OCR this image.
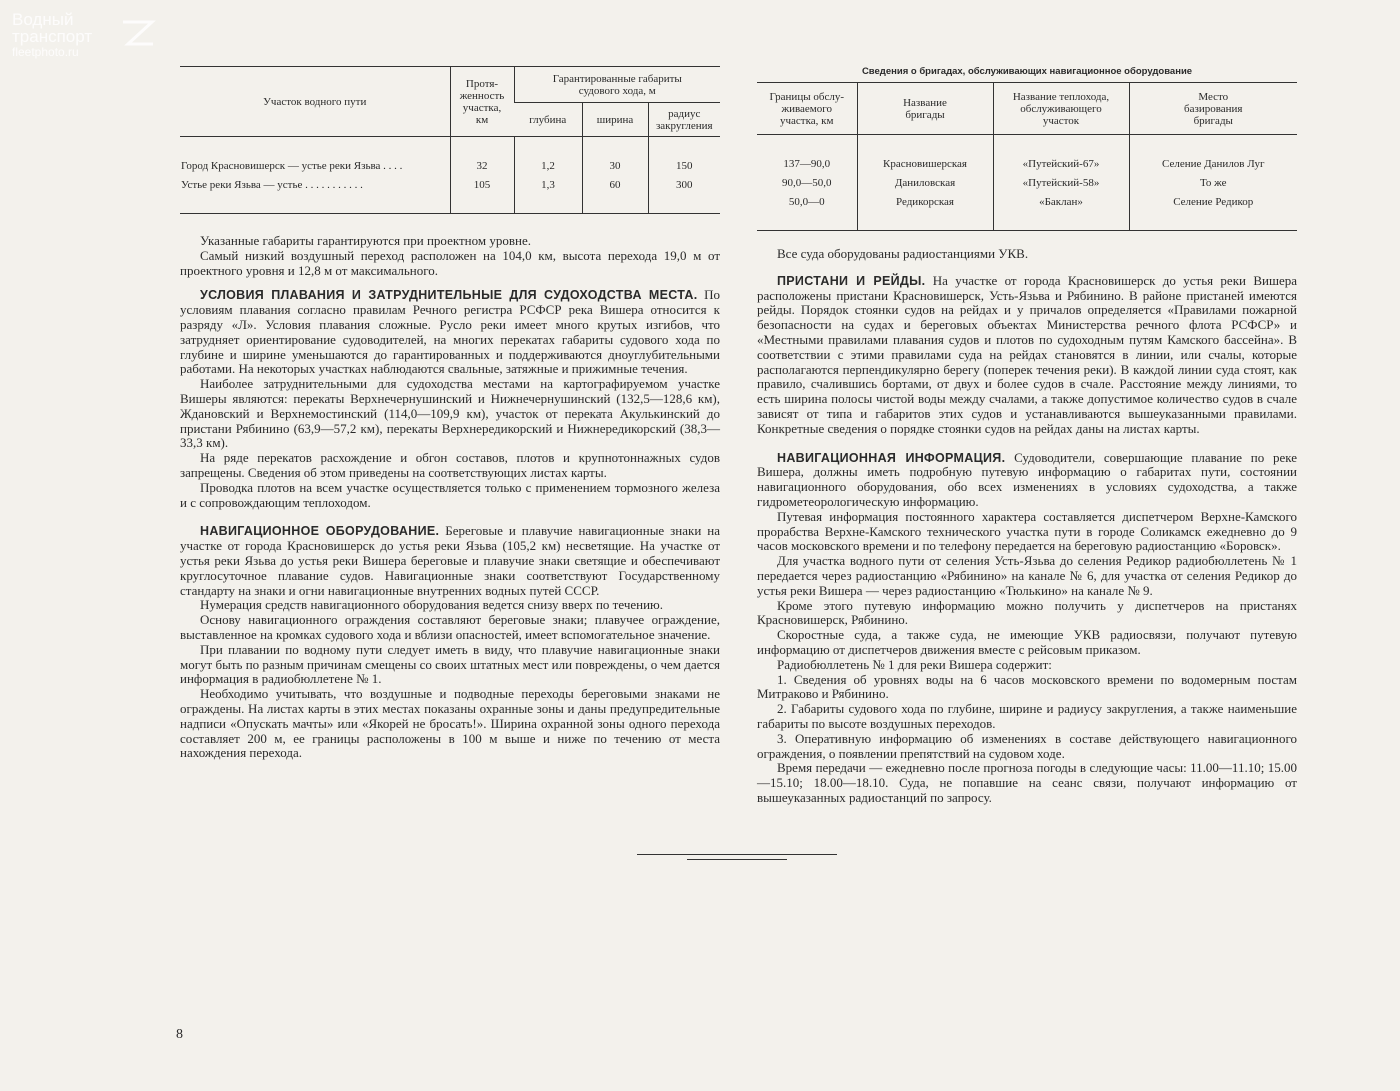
Водный
транспорт
fleetphoto.ru
Участок водного пути	Протя-женность участка, км	Гарантированные габариты судового хода, м		
		глубина	ширина	радиус закругления

Город Красновишерск — устье реки Язьва . . . .	32	1,2	30	150
Устье реки Язьва — устье . . . . . . . . . . .	105	1,3	60	300

Указанные габариты гарантируются при проектном уровне.

Самый низкий воздушный переход расположен на 104,0 км, высота перехода 19,0 м от проектного уровня и 12,8 м от максимального.

УСЛОВИЯ ПЛАВАНИЯ И ЗАТРУДНИТЕЛЬНЫЕ ДЛЯ СУДОХОДСТВА МЕСТА. По условиям плавания согласно правилам Речного регистра РСФСР река Вишера относится к разряду «Л». Условия плавания сложные. Русло реки имеет много крутых изгибов, что затрудняет ориентирование судоводителей, на многих перекатах габариты судового хода по глубине и ширине уменьшаются до гарантированных и поддерживаются дноуглубительными работами. На некоторых участках наблюдаются свальные, затяжные и прижимные течения.

Наиболее затруднительными для судоходства местами на картографируемом участке Вишеры являются: перекаты Верхнечернушинский и Нижнечернушинский (132,5—128,6 км), Ждановский и Верхнемостинский (114,0—109,9 км), участок от переката Акулькинский до пристани Рябинино (63,9—57,2 км), перекаты Верхнередикорский и Нижнередикорский (38,3—33,3 км).

На ряде перекатов расхождение и обгон составов, плотов и крупнотоннажных судов запрещены. Сведения об этом приведены на соответствующих листах карты.

Проводка плотов на всем участке осуществляется только с применением тормозного железа и с сопровождающим теплоходом.

НАВИГАЦИОННОЕ ОБОРУДОВАНИЕ. Береговые и плавучие навигационные знаки на участке от города Красновишерск до устья реки Язьва (105,2 км) несветящие. На участке от устья реки Язьва до устья реки Вишера береговые и плавучие знаки светящие и обеспечивают круглосуточное плавание судов. Навигационные знаки соответствуют Государственному стандарту на знаки и огни навигационные внутренних водных путей СССР.

Нумерация средств навигационного оборудования ведется снизу вверх по течению.

Основу навигационного ограждения составляют береговые знаки; плавучее ограждение, выставленное на кромках судового хода и вблизи опасностей, имеет вспомогательное значение.

При плавании по водному пути следует иметь в виду, что плавучие навигационные знаки могут быть по разным причинам смещены со своих штатных мест или повреждены, о чем дается информация в радиобюллетене № 1.

Необходимо учитывать, что воздушные и подводные переходы береговыми знаками не ограждены. На листах карты в этих местах показаны охранные зоны и даны предупредительные надписи «Опускать мачты» или «Якорей не бросать!». Ширина охранной зоны одного перехода составляет 200 м, ее границы расположены в 100 м выше и ниже по течению от места нахождения перехода.

Сведения о бригадах, обслуживающих навигационное оборудование
Границы обслу-живаемого участка, км	Название бригады	Название теплохода, обслуживающего участок	Место базирования бригады

137—90,0	Красновишерская	«Путейский-67»	Селение Данилов Луг
90,0—50,0	Даниловская	«Путейский-58»	То же
50,0—0	Редикорская	«Баклан»	Селение Редикор

Все суда оборудованы радиостанциями УКВ.

ПРИСТАНИ И РЕЙДЫ. На участке от города Красновишерск до устья реки Вишера расположены пристани Красновишерск, Усть-Язьва и Рябинино. В районе пристаней имеются рейды. Порядок стоянки судов на рейдах и у причалов определяется «Правилами пожарной безопасности на судах и береговых объектах Министерства речного флота РСФСР» и «Местными правилами плавания судов и плотов по судоходным путям Камского бассейна». В соответствии с этими правилами суда на рейдах становятся в линии, или счалы, которые располагаются перпендикулярно берегу (поперек течения реки). В каждой линии суда стоят, как правило, счалившись бортами, от двух и более судов в счале. Расстояние между линиями, то есть ширина полосы чистой воды между счалами, а также допустимое количество судов в счале зависят от типа и габаритов этих судов и устанавливаются вышеуказанными правилами. Конкретные сведения о порядке стоянки судов на рейдах даны на листах карты.

НАВИГАЦИОННАЯ ИНФОРМАЦИЯ. Судоводители, совершающие плавание по реке Вишера, должны иметь подробную путевую информацию о габаритах пути, состоянии навигационного оборудования, обо всех изменениях в условиях судоходства, а также гидрометеорологическую информацию.

Путевая информация постоянного характера составляется диспетчером Верхне-Камского прорабства Верхне-Камского технического участка пути в городе Соликамск ежедневно до 9 часов московского времени и по телефону передается на береговую радиостанцию «Боровск».

Для участка водного пути от селения Усть-Язьва до селения Редикор радиобюллетень № 1 передается через радиостанцию «Рябинино» на канале № 6, для участка от селения Редикор до устья реки Вишера — через радиостанцию «Тюлькино» на канале № 9.

Кроме этого путевую информацию можно получить у диспетчеров на пристанях Красновишерск, Рябинино.

Скоростные суда, а также суда, не имеющие УКВ радиосвязи, получают путевую информацию от диспетчеров движения вместе с рейсовым приказом.

Радиобюллетень № 1 для реки Вишера содержит:

1. Сведения об уровнях воды на 6 часов московского времени по водомерным постам Митраково и Рябинино.

2. Габариты судового хода по глубине, ширине и радиусу закругления, а также наименьшие габариты по высоте воздушных переходов.

3. Оперативную информацию об изменениях в составе действующего навигационного ограждения, о появлении препятствий на судовом ходе.

Время передачи — ежедневно после прогноза погоды в следующие часы: 11.00—11.10; 15.00—15.10; 18.00—18.10. Суда, не попавшие на сеанс связи, получают информацию от вышеуказанных радиостанций по запросу.

8
